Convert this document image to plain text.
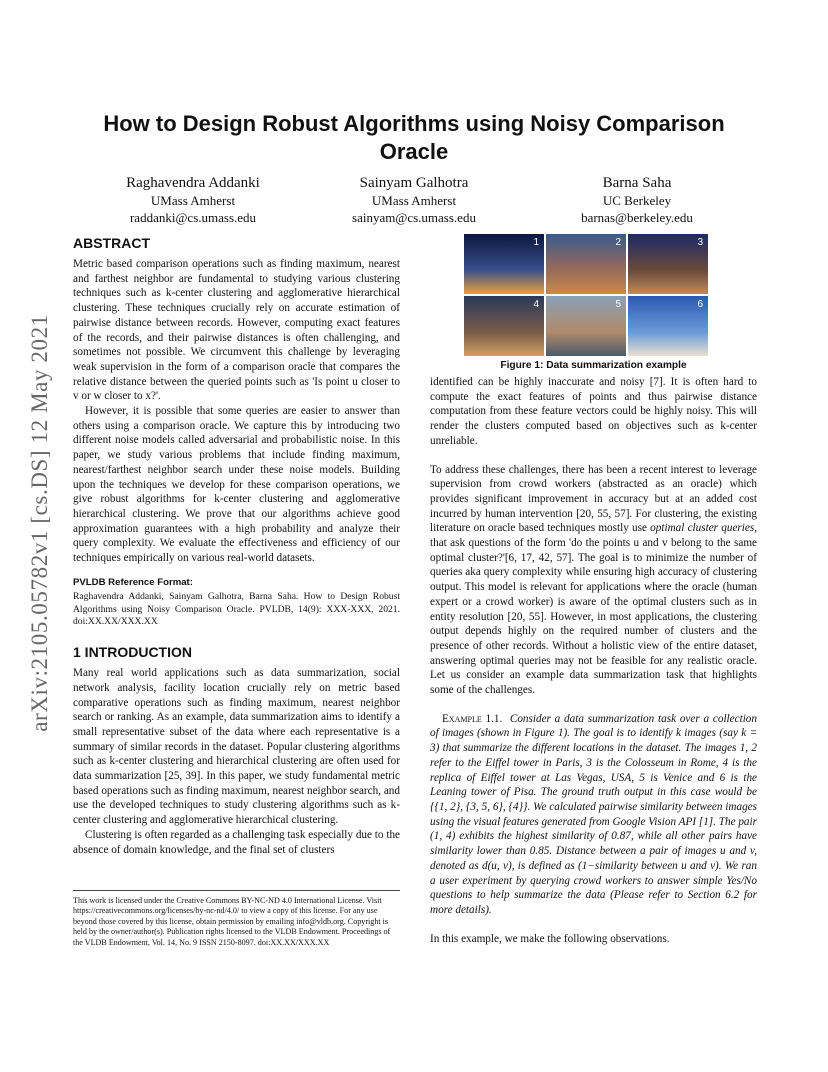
arXiv:2105.05782v1 [cs.DS] 12 May 2021
How to Design Robust Algorithms using Noisy Comparison Oracle
Raghavendra Addanki
UMass Amherst
raddanki@cs.umass.edu
Sainyam Galhotra
UMass Amherst
sainyam@cs.umass.edu
Barna Saha
UC Berkeley
barnas@berkeley.edu
ABSTRACT

Metric based comparison operations such as finding maximum, nearest and farthest neighbor are fundamental to studying various clustering techniques such as k-center clustering and agglomerative hierarchical clustering. These techniques crucially rely on accurate estimation of pairwise distance between records. However, computing exact features of the records, and their pairwise distances is often challenging, and sometimes not possible. We circumvent this challenge by leveraging weak supervision in the form of a comparison oracle that compares the relative distance between the queried points such as 'Is point u closer to v or w closer to x?'.

However, it is possible that some queries are easier to answer than others using a comparison oracle. We capture this by introducing two different noise models called adversarial and probabilistic noise. In this paper, we study various problems that include finding maximum, nearest/farthest neighbor search under these noise models. Building upon the techniques we develop for these comparison operations, we give robust algorithms for k-center clustering and agglomerative hierarchical clustering. We prove that our algorithms achieve good approximation guarantees with a high probability and analyze their query complexity. We evaluate the effectiveness and efficiency of our techniques empirically on various real-world datasets.

PVLDB Reference Format:

Raghavendra Addanki, Sainyam Galhotra, Barna Saha. How to Design Robust Algorithms using Noisy Comparison Oracle. PVLDB, 14(9): XXX-XXX, 2021. doi:XX.XX/XXX.XX

1 INTRODUCTION

Many real world applications such as data summarization, social network analysis, facility location crucially rely on metric based comparative operations such as finding maximum, nearest neighbor search or ranking. As an example, data summarization aims to identify a small representative subset of the data where each representative is a summary of similar records in the dataset. Popular clustering algorithms such as k-center clustering and hierarchical clustering are often used for data summarization [25, 39]. In this paper, we study fundamental metric based operations such as finding maximum, nearest neighbor search, and use the developed techniques to study clustering algorithms such as k-center clustering and agglomerative hierarchical clustering.

Clustering is often regarded as a challenging task especially due to the absence of domain knowledge, and the final set of clusters

This work is licensed under the Creative Commons BY-NC-ND 4.0 International License. Visit https://creativecommons.org/licenses/by-nc-nd/4.0/ to view a copy of this license. For any use beyond those covered by this license, obtain permission by emailing info@vldb.org. Copyright is held by the owner/author(s). Publication rights licensed to the VLDB Endowment. Proceedings of the VLDB Endowment, Vol. 14, No. 9 ISSN 2150-8097. doi:XX.XX/XXX.XX

1	2	3
4	5	6
Figure 1: Data summarization example

identified can be highly inaccurate and noisy [7]. It is often hard to compute the exact features of points and thus pairwise distance computation from these feature vectors could be highly noisy. This will render the clusters computed based on objectives such as k-center unreliable.

To address these challenges, there has been a recent interest to leverage supervision from crowd workers (abstracted as an oracle) which provides significant improvement in accuracy but at an added cost incurred by human intervention [20, 55, 57]. For clustering, the existing literature on oracle based techniques mostly use optimal cluster queries, that ask questions of the form 'do the points u and v belong to the same optimal cluster?'[6, 17, 42, 57]. The goal is to minimize the number of queries aka query complexity while ensuring high accuracy of clustering output. This model is relevant for applications where the oracle (human expert or a crowd worker) is aware of the optimal clusters such as in entity resolution [20, 55]. However, in most applications, the clustering output depends highly on the required number of clusters and the presence of other records. Without a holistic view of the entire dataset, answering optimal queries may not be feasible for any realistic oracle. Let us consider an example data summarization task that highlights some of the challenges.

Example 1.1. Consider a data summarization task over a collection of images (shown in Figure 1). The goal is to identify k images (say k = 3) that summarize the different locations in the dataset. The images 1, 2 refer to the Eiffel tower in Paris, 3 is the Colosseum in Rome, 4 is the replica of Eiffel tower at Las Vegas, USA, 5 is Venice and 6 is the Leaning tower of Pisa. The ground truth output in this case would be {{1, 2}, {3, 5, 6}, {4}}. We calculated pairwise similarity between images using the visual features generated from Google Vision API [1]. The pair (1, 4) exhibits the highest similarity of 0.87, while all other pairs have similarity lower than 0.85. Distance between a pair of images u and v, denoted as d(u, v), is defined as (1−similarity between u and v). We ran a user experiment by querying crowd workers to answer simple Yes/No questions to help summarize the data (Please refer to Section 6.2 for more details).

In this example, we make the following observations.
